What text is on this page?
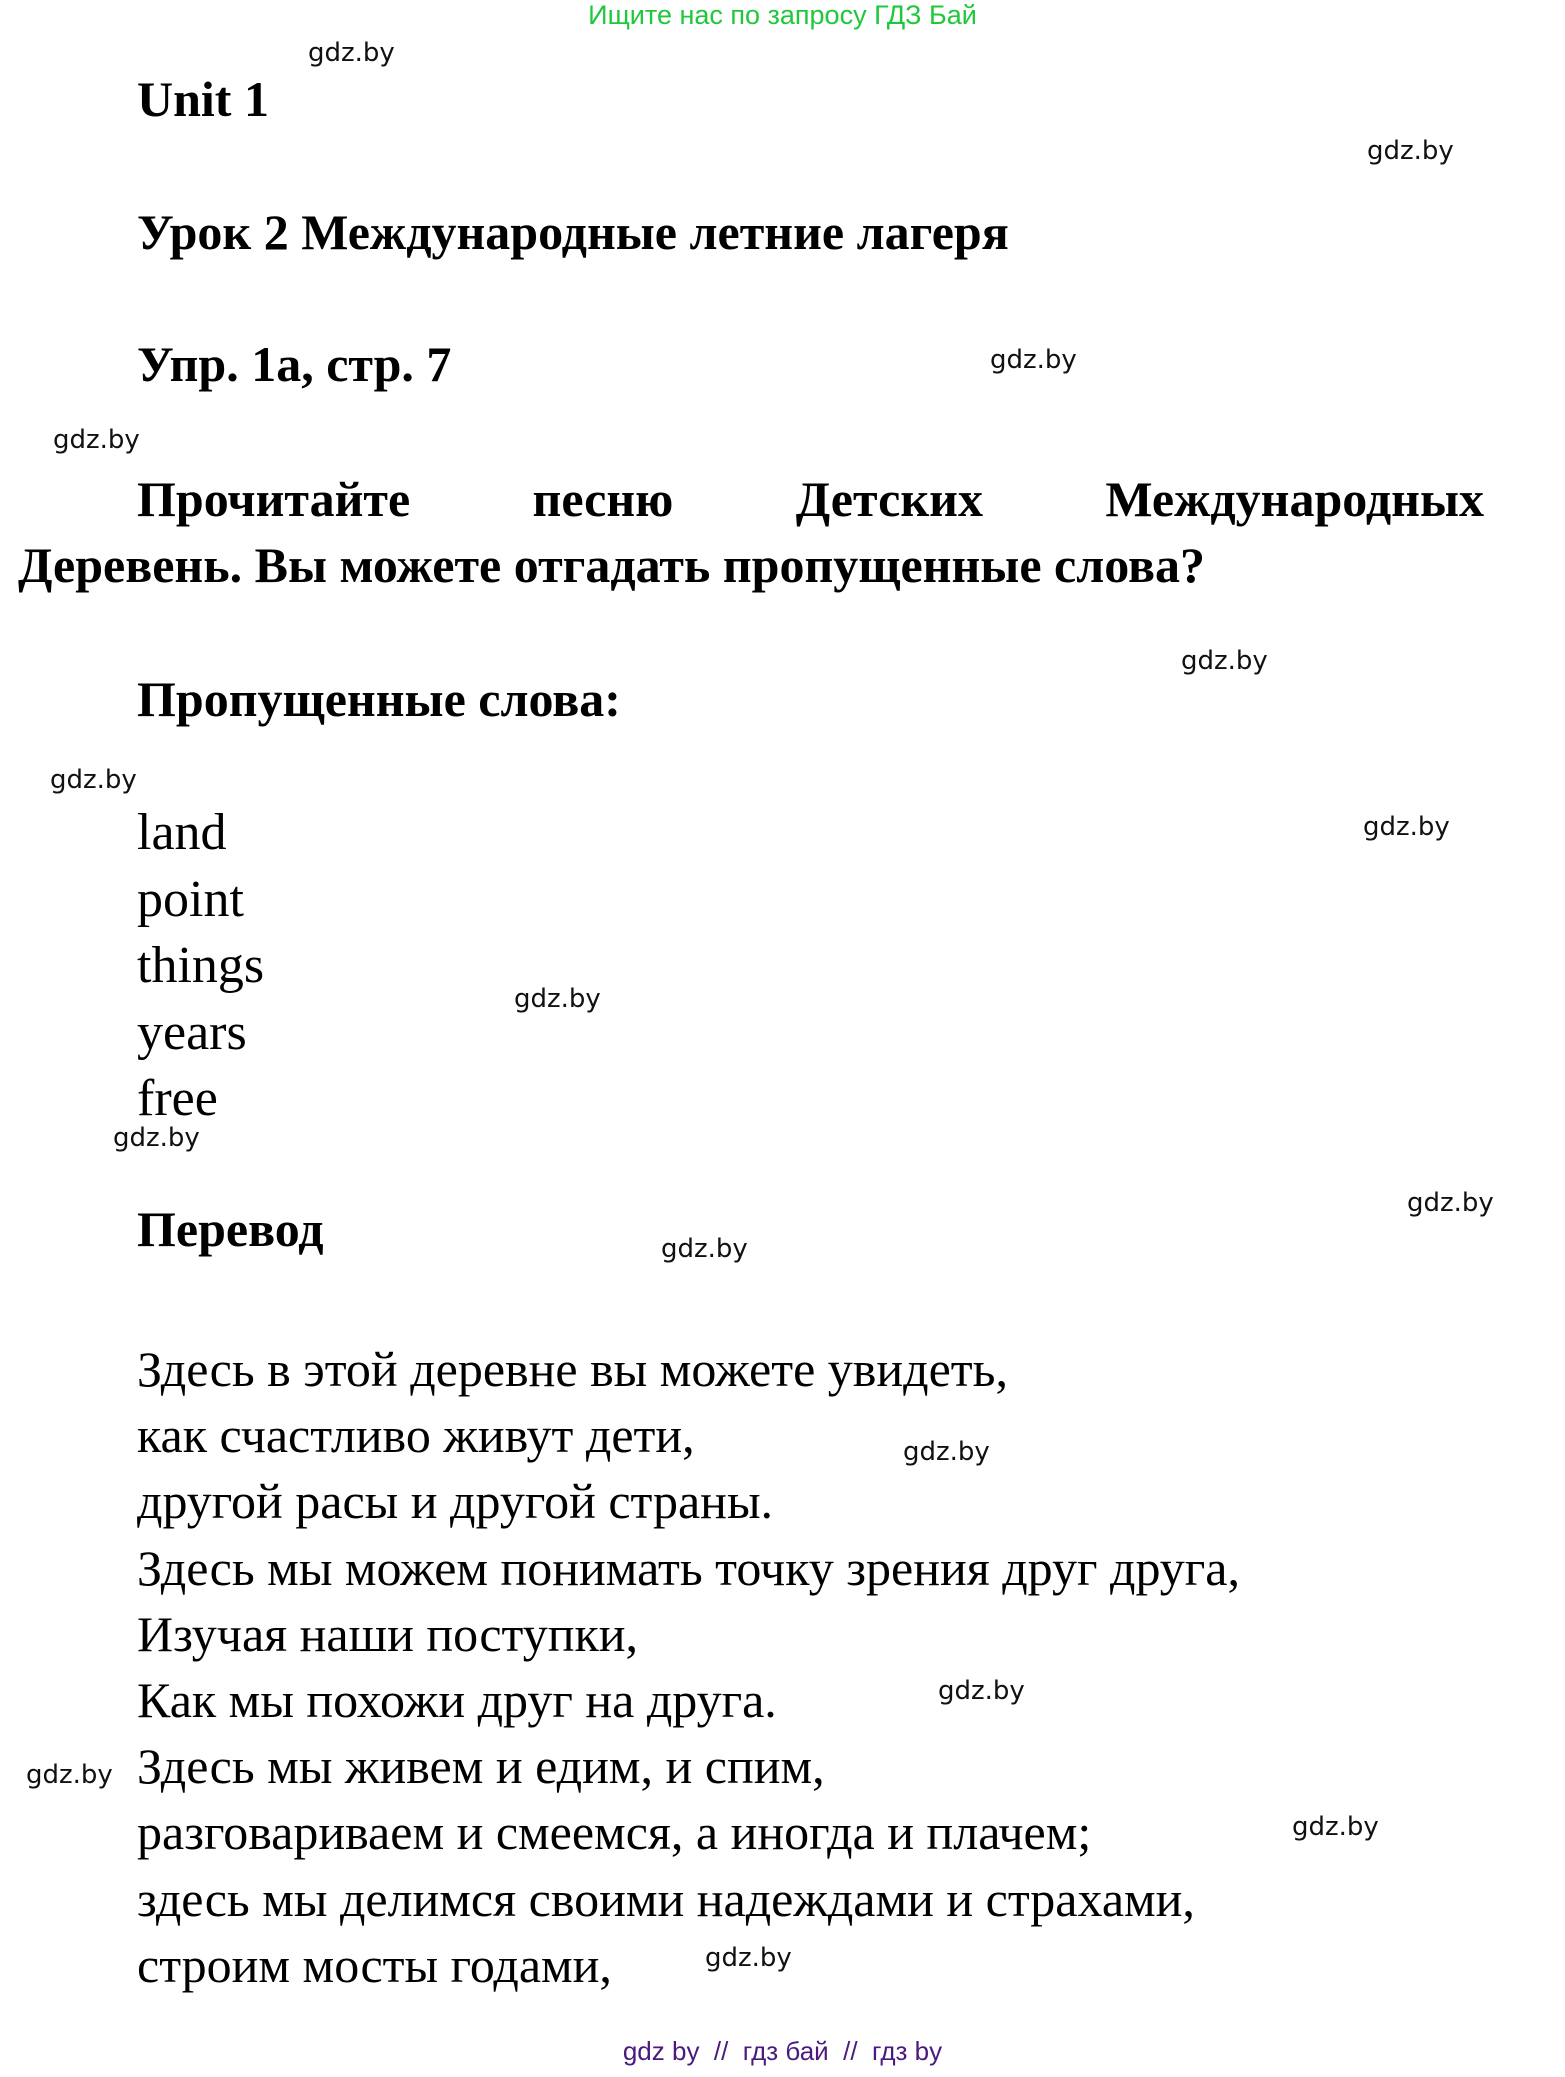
Ищите нас по запросу ГДЗ Бай
Unit 1
Урок 2 Международные летние лагеря
Упр. 1a, стр. 7
Прочитайте песню Детских Международных
Деревень. Вы можете отгадать пропущенные слова?
Пропущенные слова:
land
point
things
years
free
Перевод
Здесь в этой деревне вы можете увидеть,
как счастливо живут дети,
другой расы и другой страны.
Здесь мы можем понимать точку зрения друг друга,
Изучая наши поступки,
Как мы похожи друг на друга.
Здесь мы живем и едим, и спим,
разговариваем и смеемся, а иногда и плачем;
здесь мы делимся своими надеждами и страхами,
строим мосты годами,
gdz.by
gdz.by
gdz.by
gdz.by
gdz.by
gdz.by
gdz.by
gdz.by
gdz.by
gdz.by
gdz.by
gdz.by
gdz.by
gdz.by
gdz.by
gdz.by
gdz by  //  гдз бай  //  гдз by
